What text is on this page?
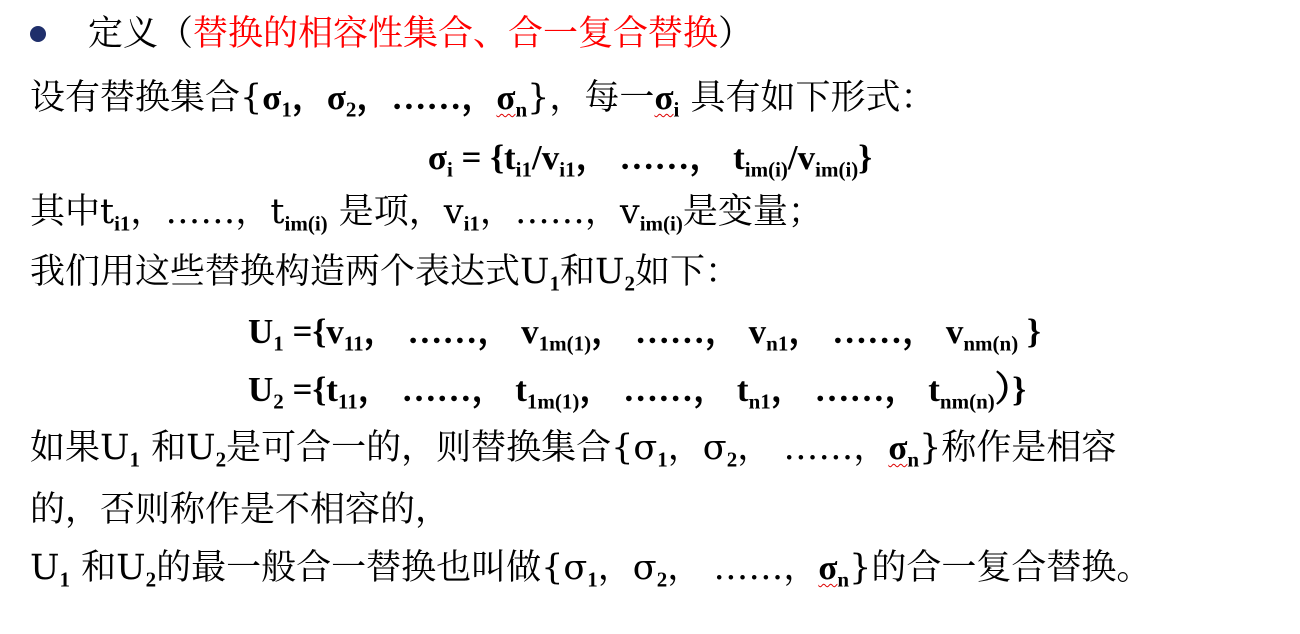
定义（替换的相容性集合、合一复合替换）
设有替换集合{$\sigma_1$，$\sigma_2$，……，$\sigma_n$}，每一$\sigma_i$ 具有如下形式：
$\sigma_i = \{t_{i1}/v_{i1}$， ……， $t_{im(i)}/v_{im(i)}$}
其中$t_{i1}$，……，$t_{im(i)}$ 是项，$v_{i1}$，……，$v_{im(i)}$是变量；
我们用这些替换构造两个表达式$U_1$和$U_2$如下：
$U_1 =\{v_{11}$， ……， $v_{1m(1)}$， ……， $v_{n1}$， ……， $v_{nm(n)}$ }
$U_2 =\{t_{11}$， ……， $t_{1m(1)}$， ……， $t_{n1}$， ……， $t_{nm(n)}$）}
如果$U_1$ 和$U_2$是可合一的，则替换集合{$\sigma_1$，$\sigma_2$， ……，$\sigma_n$}称作是相容
的，否则称作是不相容的，
$U_1$ 和$U_2$的最一般合一替换也叫做{$\sigma_1$，$\sigma_2$， ……，$\sigma_n$}的合一复合替换。
